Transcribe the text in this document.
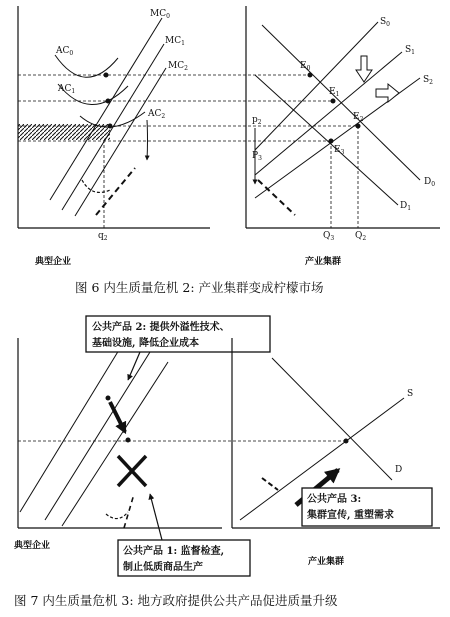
$MC_0$
$MC_1$
$MC_2$
$AC_0$
$AC_1$
$AC_2$
$q_2$
典型企业
$S_0$
$S_1$
$S_2$
$D_0$
$D_1$
$E_0$
$E_1$
$E_2$
$E_3$
$p_2$
$P_3$
$Q_3$ $Q_2$
产业集群
图 6 内生质量危机 2: 产业集群变成柠檬市场
典型企业
公共产品 2: 提供外溢性技术、
基础设施, 降低企业成本
S
D
产业集群
公共产品 3:
集群宣传, 重塑需求
公共产品 1: 监督检查,
制止低质商品生产
图 7 内生质量危机 3: 地方政府提供公共产品促进质量升级
